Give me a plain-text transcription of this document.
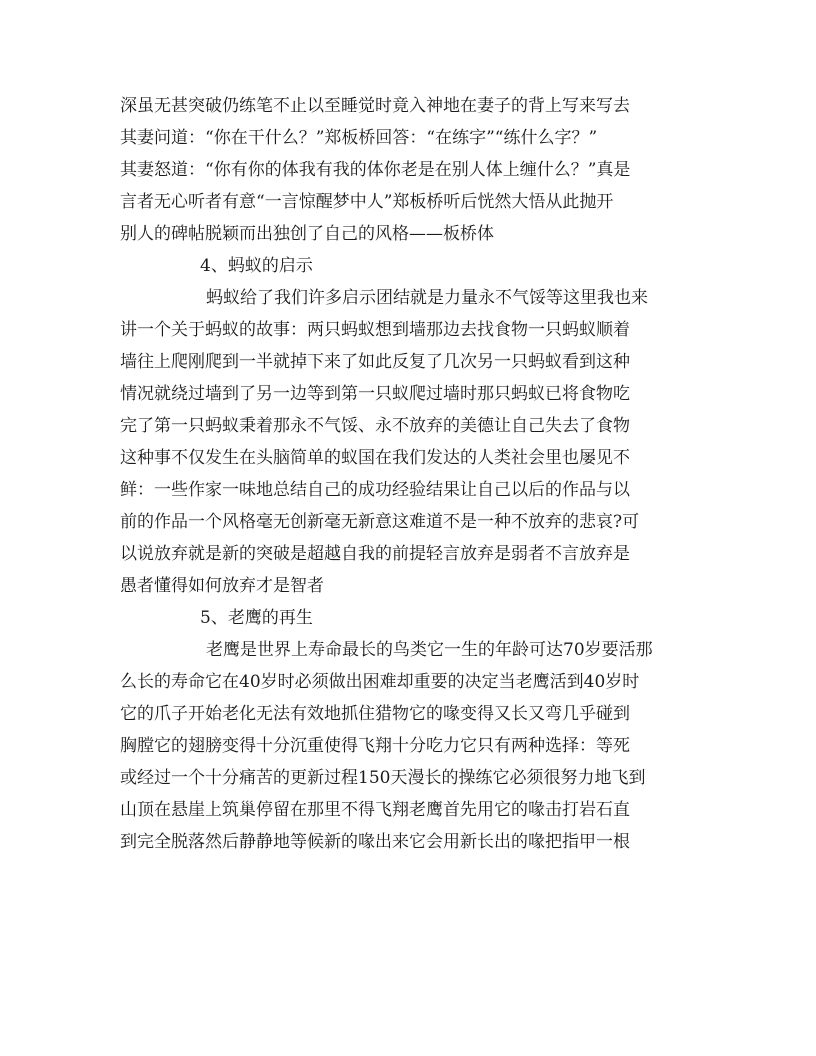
深虽无甚突破仍练笔不止以至睡觉时竟入神地在妻子的背上写来写去
其妻问道：“你在干什么？”郑板桥回答：“在练字”“练什么字？”
其妻怒道：“你有你的体我有我的体你老是在别人体上缠什么？”真是
言者无心听者有意“一言惊醒梦中人”郑板桥听后恍然大悟从此抛开
别人的碑帖脱颖而出独创了自己的风格——板桥体
4、蚂蚁的启示
蚂蚁给了我们许多启示团结就是力量永不气馁等这里我也来
讲一个关于蚂蚁的故事：两只蚂蚁想到墙那边去找食物一只蚂蚁顺着
墙往上爬刚爬到一半就掉下来了如此反复了几次另一只蚂蚁看到这种
情况就绕过墙到了另一边等到第一只蚁爬过墙时那只蚂蚁已将食物吃
完了第一只蚂蚁秉着那永不气馁、永不放弃的美德让自己失去了食物
这种事不仅发生在头脑简单的蚁国在我们发达的人类社会里也屡见不
鲜：一些作家一味地总结自己的成功经验结果让自己以后的作品与以
前的作品一个风格毫无创新毫无新意这难道不是一种不放弃的悲哀?可
以说放弃就是新的突破是超越自我的前提轻言放弃是弱者不言放弃是
愚者懂得如何放弃才是智者
5、老鹰的再生
老鹰是世界上寿命最长的鸟类它一生的年龄可达70岁要活那
么长的寿命它在40岁时必须做出困难却重要的决定当老鹰活到40岁时
它的爪子开始老化无法有效地抓住猎物它的喙变得又长又弯几乎碰到
胸膛它的翅膀变得十分沉重使得飞翔十分吃力它只有两种选择：等死
或经过一个十分痛苦的更新过程150天漫长的操练它必须很努力地飞到
山顶在悬崖上筑巢停留在那里不得飞翔老鹰首先用它的喙击打岩石直
到完全脱落然后静静地等候新的喙出来它会用新长出的喙把指甲一根
